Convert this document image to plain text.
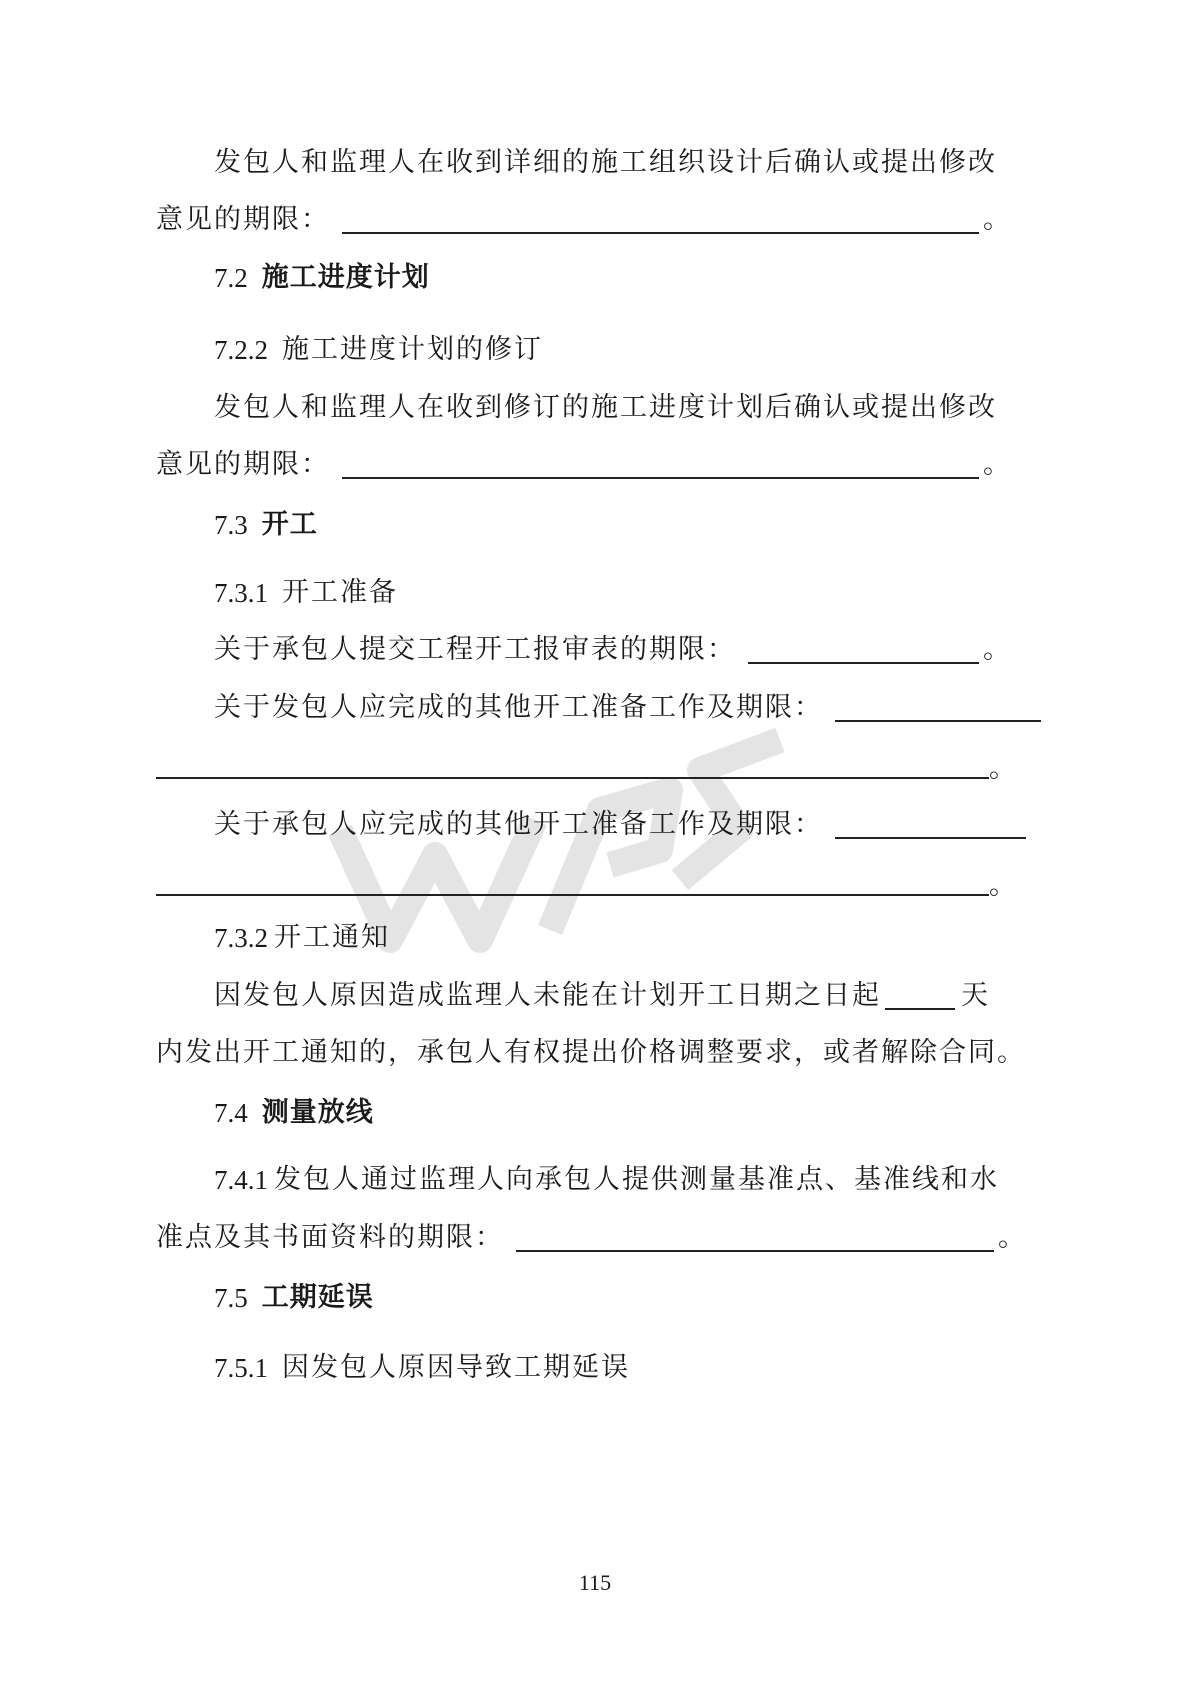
发包人和监理人在收到详细的施工组织设计后确认或提出修改
意见的期限：	。
7.2 施工进度计划
7.2.2 施工进度计划的修订
发包人和监理人在收到修订的施工进度计划后确认或提出修改
意见的期限：	。
7.3 开工
7.3.1 开工准备
关于承包人提交工程开工报审表的期限：	。
关于发包人应完成的其他开工准备工作及期限：
。
关于承包人应完成的其他开工准备工作及期限：
。
7.3.2 开工通知
因发包人原因造成监理人未能在计划开工日期之日起	天
内发出开工通知的，承包人有权提出价格调整要求，或者解除合同。
7.4 测量放线
7.4.1 发包人通过监理人向承包人提供测量基准点、基准线和水
准点及其书面资料的期限：	。
7.5 工期延误
7.5.1 因发包人原因导致工期延误
115
